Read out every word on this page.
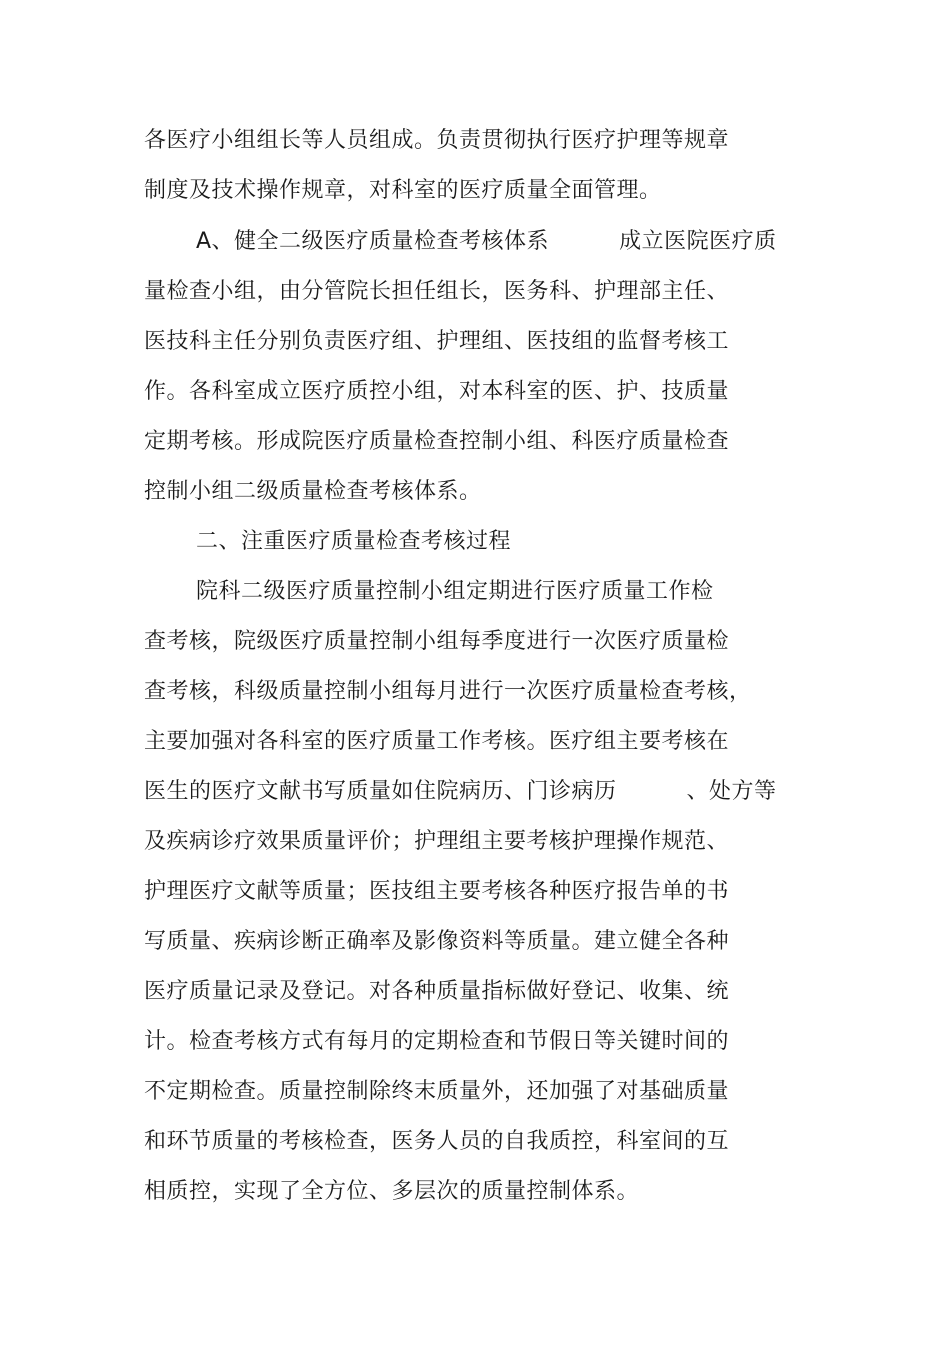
各医疗小组组长等人员组成。负责贯彻执行医疗护理等规章
制度及技术操作规章，对科室的医疗质量全面管理。
A、健全二级医疗质量检查考核体系	成立医院医疗质
量检查小组，由分管院长担任组长，医务科、护理部主任、
医技科主任分别负责医疗组、护理组、医技组的监督考核工
作。各科室成立医疗质控小组，对本科室的医、护、技质量
定期考核。形成院医疗质量检查控制小组、科医疗质量检查
控制小组二级质量检查考核体系。
二、注重医疗质量检查考核过程
院科二级医疗质量控制小组定期进行医疗质量工作检
查考核，院级医疗质量控制小组每季度进行一次医疗质量检
查考核，科级质量控制小组每月进行一次医疗质量检查考核，
主要加强对各科室的医疗质量工作考核。医疗组主要考核在
医生的医疗文献书写质量如住院病历、门诊病历	、处方等
及疾病诊疗效果质量评价；护理组主要考核护理操作规范、
护理医疗文献等质量；医技组主要考核各种医疗报告单的书
写质量、疾病诊断正确率及影像资料等质量。建立健全各种
医疗质量记录及登记。对各种质量指标做好登记、收集、统
计。检查考核方式有每月的定期检查和节假日等关键时间的
不定期检查。质量控制除终末质量外，还加强了对基础质量
和环节质量的考核检查，医务人员的自我质控，科室间的互
相质控，实现了全方位、多层次的质量控制体系。
